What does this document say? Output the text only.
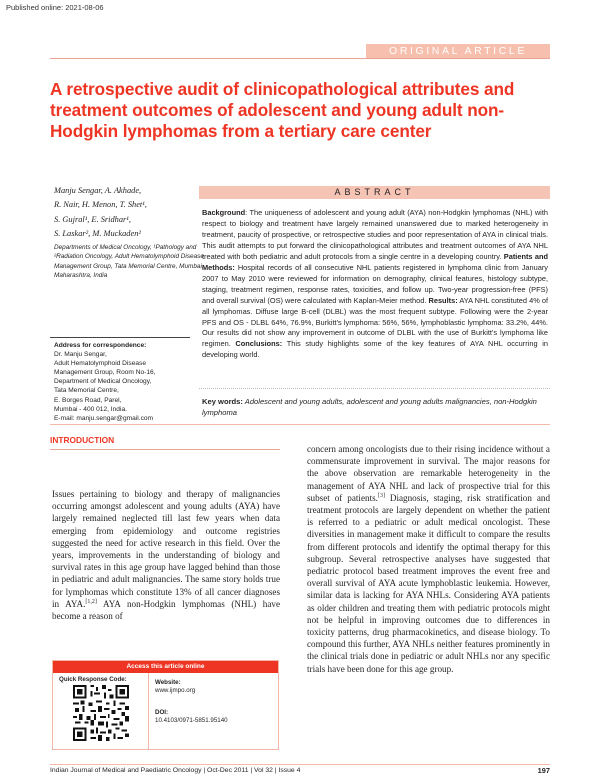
Published online: 2021-08-06
ORIGINAL ARTICLE
A retrospective audit of clinicopathological attributes and treatment outcomes of adolescent and young adult non-Hodgkin lymphomas from a tertiary care center
Manju Sengar, A. Akhade,
R. Nair, H. Menon, T. Shet¹,
S. Gujral¹, E. Sridhar¹,
S. Laskar², M. Muckaden²
Departments of Medical Oncology, ¹Pathology and ²Radiation Oncology, Adult Hematolymphoid Disease Management Group, Tata Memorial Centre, Mumbai, Maharashtra, India
Address for correspondence:
Dr. Manju Sengar,
Adult Hematolymphoid Disease
Management Group, Room No-16,
Department of Medical Oncology,
Tata Memorial Centre,
E. Borges Road, Parel,
Mumbai - 400 012, India.
E-mail: manju.sengar@gmail.com
ABSTRACT
Background: The uniqueness of adolescent and young adult (AYA) non-Hodgkin lymphomas (NHL) with respect to biology and treatment have largely remained unanswered due to marked heterogeneity in treatment, paucity of prospective, or retrospective studies and poor representation of AYA in clinical trials. This audit attempts to put forward the clinicopathological attributes and treatment outcomes of AYA NHL treated with both pediatric and adult protocols from a single centre in a developing country. Patients and Methods: Hospital records of all consecutive NHL patients registered in lymphoma clinic from January 2007 to May 2010 were reviewed for information on demography, clinical features, histology subtype, staging, treatment regimen, response rates, toxicities, and follow up. Two-year progression-free (PFS) and overall survival (OS) were calculated with Kaplan-Meier method. Results: AYA NHL constituted 4% of all lymphomas. Diffuse large B-cell (DLBL) was the most frequent subtype. Following were the 2-year PFS and OS - DLBL 64%, 76.9%, Burkitt's lymphoma: 56%, 56%, lymphoblastic lymphoma: 33.2%, 44%. Our results did not show any improvement in outcome of DLBL with the use of Burkitt's lymphoma like regimen. Conclusions: This study highlights some of the key features of AYA NHL occurring in developing world.
Key words: Adolescent and young adults, adolescent and young adults malignancies, non-Hodgkin lymphoma
INTRODUCTION
Issues pertaining to biology and therapy of malignancies occurring amongst adolescent and young adults (AYA) have largely remained neglected till last few years when data emerging from epidemiology and outcome registries suggested the need for active research in this field. Over the years, improvements in the understanding of biology and survival rates in this age group have lagged behind than those in pediatric and adult malignancies. The same story holds true for lymphomas which constitute 13% of all cancer diagnoses in AYA.[1,2] AYA non-Hodgkin lymphomas (NHL) have become a reason of
concern among oncologists due to their rising incidence without a commensurate improvement in survival. The major reasons for the above observation are remarkable heterogeneity in the management of AYA NHL and lack of prospective trial for this subset of patients.[3] Diagnosis, staging, risk stratification and treatment protocols are largely dependent on whether the patient is referred to a pediatric or adult medical oncologist. These diversities in management make it difficult to compare the results from different protocols and identify the optimal therapy for this subgroup. Several retrospective analyses have suggested that pediatric protocol based treatment improves the event free and overall survival of AYA acute lymphoblastic leukemia. However, similar data is lacking for AYA NHLs. Considering AYA patients as older children and treating them with pediatric protocols might not be helpful in improving outcomes due to differences in toxicity patterns, drug pharmacokinetics, and disease biology. To compound this further, AYA NHLs neither features prominently in the clinical trials done in pediatric or adult NHLs nor any specific trials have been done for this age group.
Access this article online
Quick Response Code:	Website:
www.ijmpo.org
DOI:
10.4103/0971-5851.95140
Indian Journal of Medical and Paediatric Oncology | Oct-Dec 2011 | Vol 32 | Issue 4	197
